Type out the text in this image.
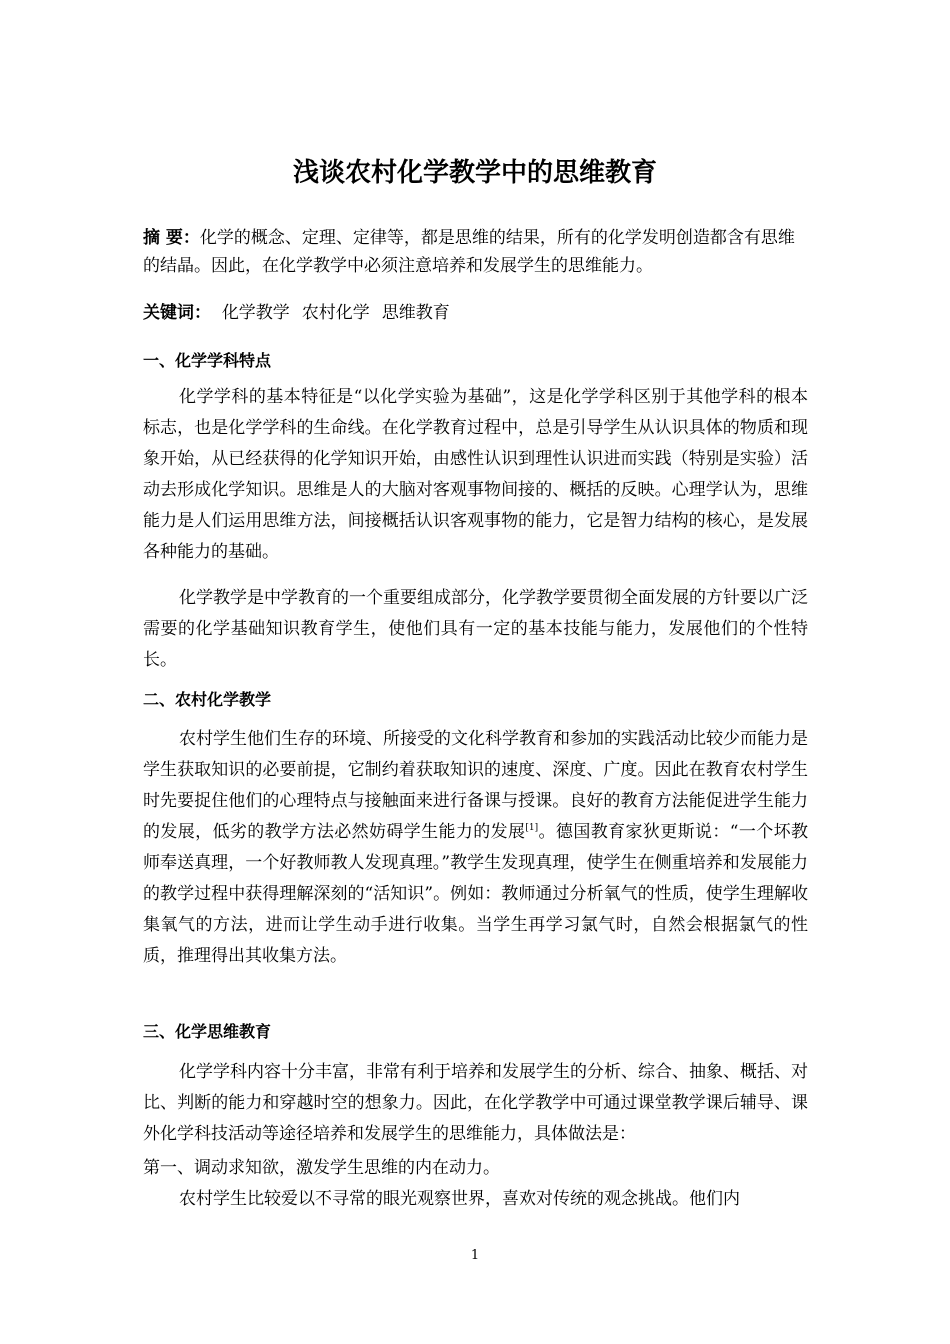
浅谈农村化学教学中的思维教育

摘 要：化学的概念、定理、定律等，都是思维的结果，所有的化学发明创造都含有思维的结晶。因此，在化学教学中必须注意培养和发展学生的思维能力。

关键词： 化学教学 农村化学 思维教育

一、化学学科特点

化学学科的基本特征是“以化学实验为基础”，这是化学学科区别于其他学科的根本标志，也是化学学科的生命线。在化学教育过程中，总是引导学生从认识具体的物质和现象开始，从已经获得的化学知识开始，由感性认识到理性认识进而实践（特别是实验）活动去形成化学知识。思维是人的大脑对客观事物间接的、概括的反映。心理学认为，思维能力是人们运用思维方法，间接概括认识客观事物的能力，它是智力结构的核心，是发展各种能力的基础。

化学教学是中学教育的一个重要组成部分，化学教学要贯彻全面发展的方针要以广泛需要的化学基础知识教育学生，使他们具有一定的基本技能与能力，发展他们的个性特长。

二、农村化学教学

农村学生他们生存的环境、所接受的文化科学教育和参加的实践活动比较少而能力是学生获取知识的必要前提，它制约着获取知识的速度、深度、广度。因此在教育农村学生时先要捉住他们的心理特点与接触面来进行备课与授课。良好的教育方法能促进学生能力的发展，低劣的教学方法必然妨碍学生能力的发展[1]。德国教育家狄更斯说：“一个坏教师奉送真理，一个好教师教人发现真理。”教学生发现真理，使学生在侧重培养和发展能力的教学过程中获得理解深刻的“活知识”。例如：教师通过分析氧气的性质，使学生理解收集氧气的方法，进而让学生动手进行收集。当学生再学习氯气时，自然会根据氯气的性质，推理得出其收集方法。

三、化学思维教育

化学学科内容十分丰富，非常有利于培养和发展学生的分析、综合、抽象、概括、对比、判断的能力和穿越时空的想象力。因此，在化学教学中可通过课堂教学课后辅导、课外化学科技活动等途径培养和发展学生的思维能力，具体做法是：

第一、调动求知欲，激发学生思维的内在动力。

农村学生比较爱以不寻常的眼光观察世界，喜欢对传统的观念挑战。他们内

1
